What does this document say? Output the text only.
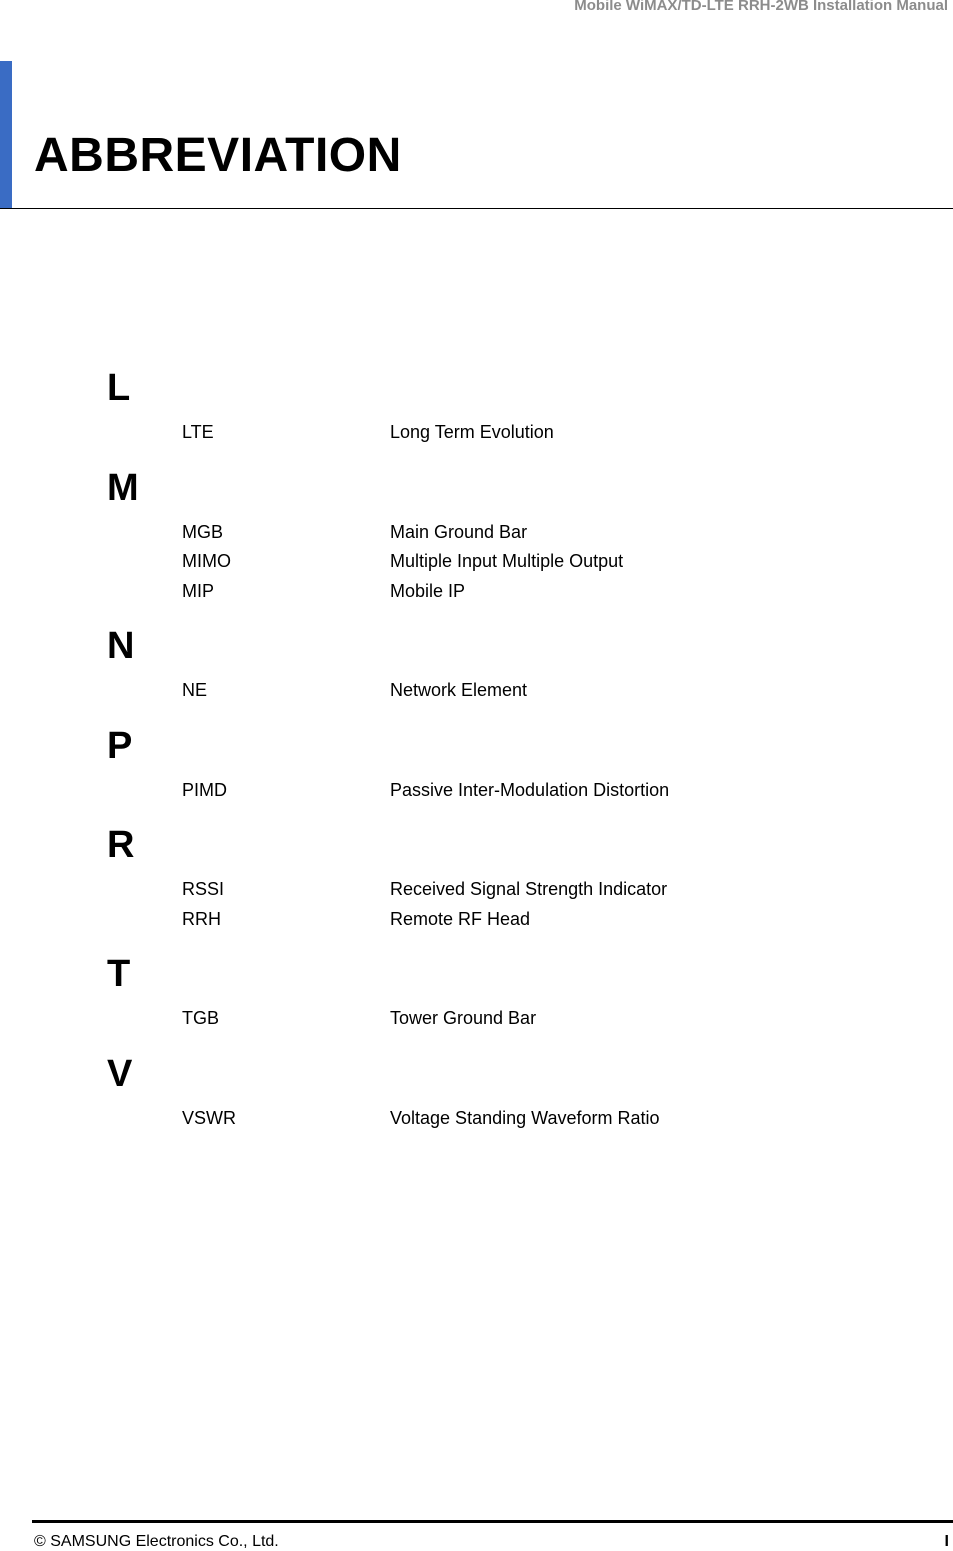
Mobile WiMAX/TD-LTE RRH-2WB Installation Manual
ABBREVIATION
L
LTE	Long Term Evolution
M
MGB	Main Ground Bar
MIMO	Multiple Input Multiple Output
MIP	Mobile IP
N
NE	Network Element
P
PIMD	Passive Inter-Modulation Distortion
R
RSSI	Received Signal Strength Indicator
RRH	Remote RF Head
T
TGB	Tower Ground Bar
V
VSWR	Voltage Standing Waveform Ratio
© SAMSUNG Electronics Co., Ltd.	I
